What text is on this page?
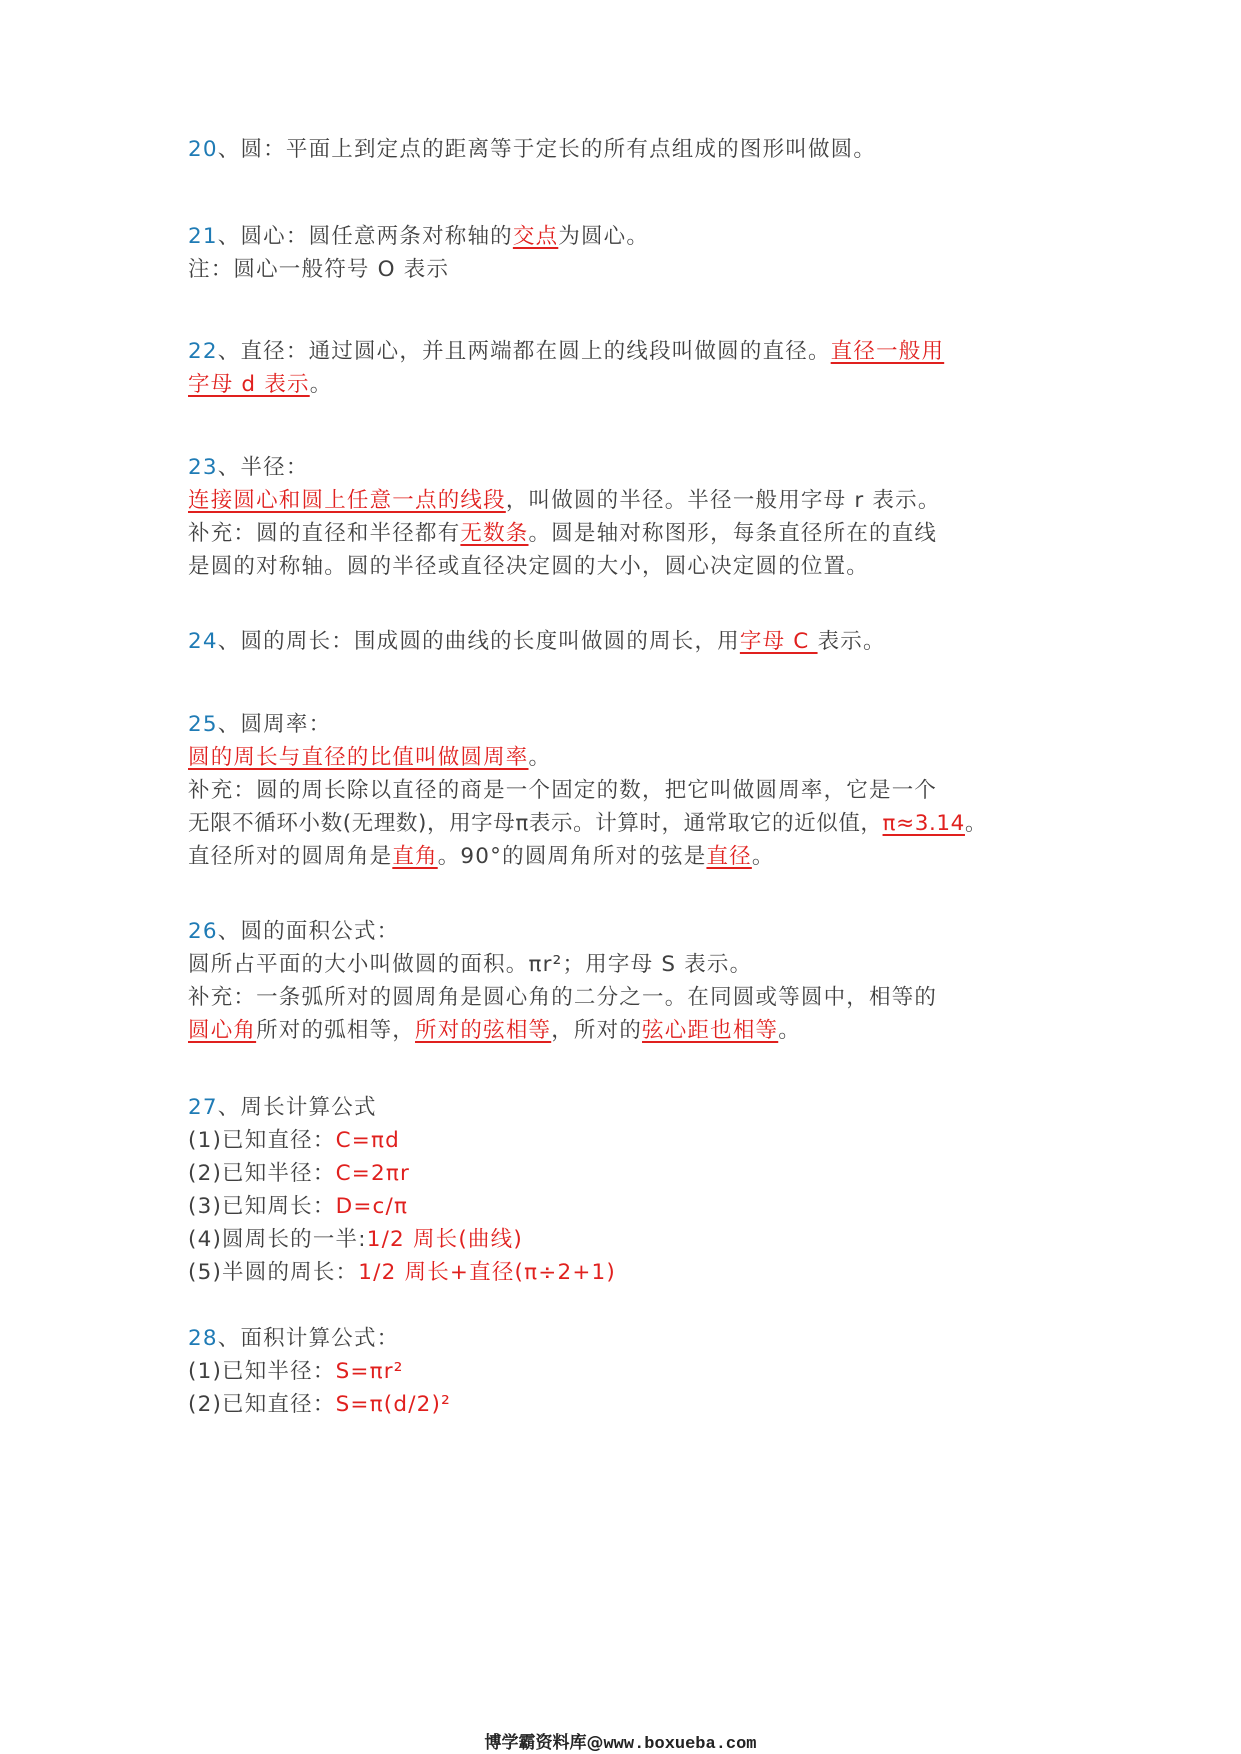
20、圆：平面上到定点的距离等于定长的所有点组成的图形叫做圆。
21、圆心：圆任意两条对称轴的交点为圆心。
注：圆心一般符号 O 表示
22、直径：通过圆心，并且两端都在圆上的线段叫做圆的直径。直径一般用
字母 d 表示。
23、半径：
连接圆心和圆上任意一点的线段，叫做圆的半径。半径一般用字母 r 表示。
补充：圆的直径和半径都有无数条。圆是轴对称图形，每条直径所在的直线
是圆的对称轴。圆的半径或直径决定圆的大小，圆心决定圆的位置。
24、圆的周长：围成圆的曲线的长度叫做圆的周长，用字母 C 表示。
25、圆周率：
圆的周长与直径的比值叫做圆周率。
补充：圆的周长除以直径的商是一个固定的数，把它叫做圆周率，它是一个
无限不循环小数(无理数)，用字母π表示。计算时，通常取它的近似值，π≈3.14。
直径所对的圆周角是直角。90°的圆周角所对的弦是直径。
26、圆的面积公式：
圆所占平面的大小叫做圆的面积。πr²；用字母 S 表示。
补充：一条弧所对的圆周角是圆心角的二分之一。在同圆或等圆中，相等的
圆心角所对的弧相等，所对的弦相等，所对的弦心距也相等。
27、周长计算公式
(1)已知直径：C=πd
(2)已知半径：C=2πr
(3)已知周长：D=c/π
(4)圆周长的一半:1/2 周长(曲线)
(5)半圆的周长：1/2 周长+直径(π÷2+1)
28、面积计算公式：
(1)已知半径：S=πr²
(2)已知直径：S=π(d/2)²
博学霸资料库@www.boxueba.com
